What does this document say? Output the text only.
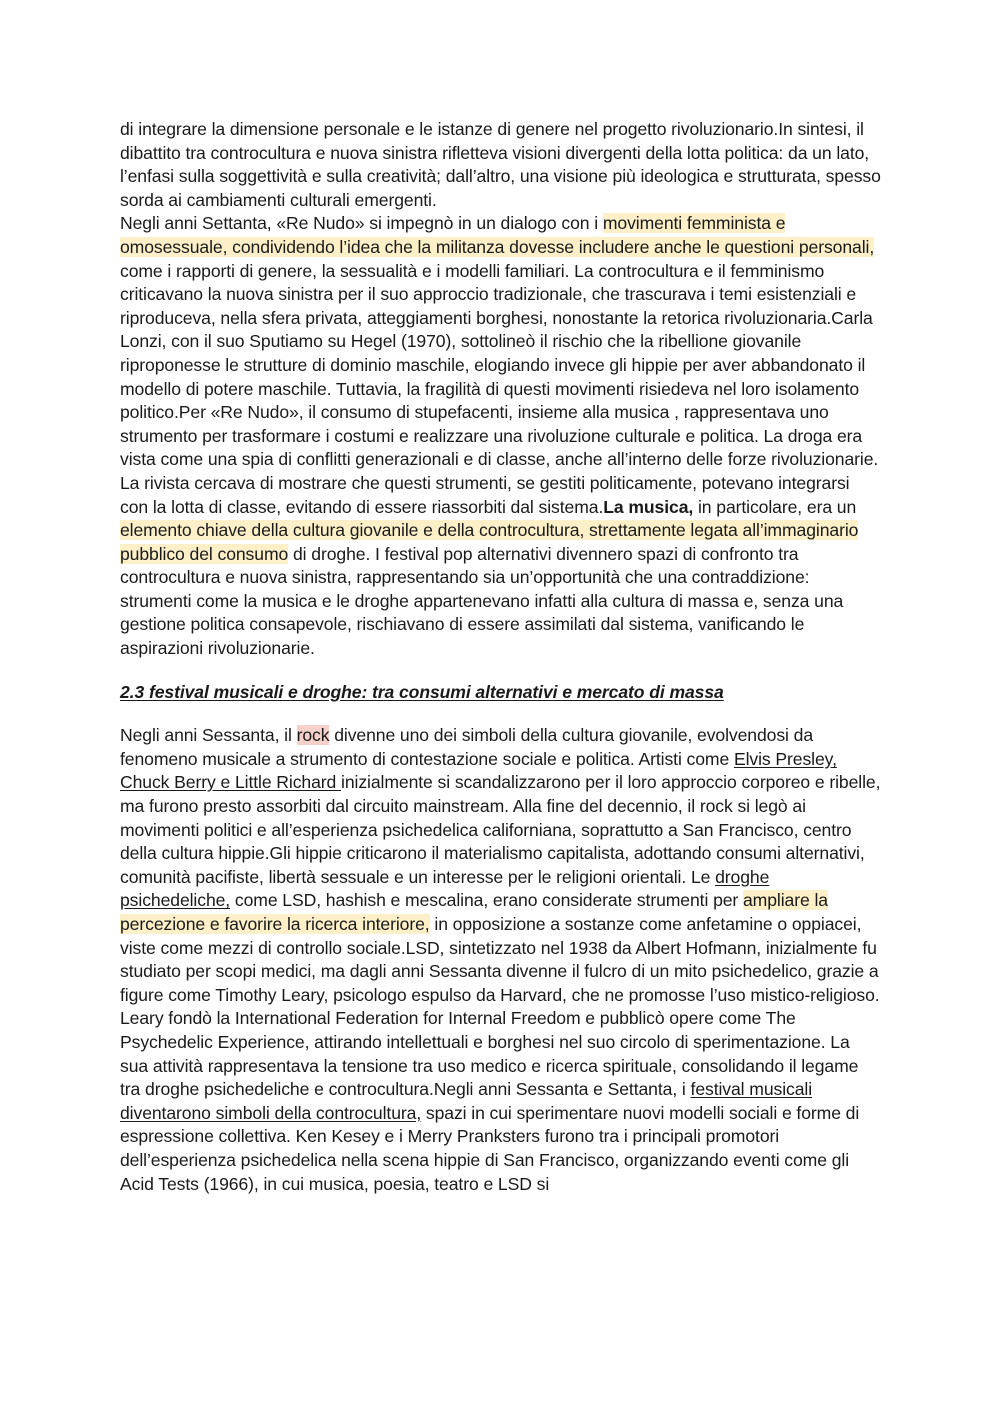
di integrare la dimensione personale e le istanze di genere nel progetto rivoluzionario.In sintesi, il dibattito tra controcultura e nuova sinistra rifletteva visioni divergenti della lotta politica: da un lato, l’enfasi sulla soggettività e sulla creatività; dall’altro, una visione più ideologica e strutturata, spesso sorda ai cambiamenti culturali emergenti.

Negli anni Settanta, «Re Nudo» si impegnò in un dialogo con i movimenti femminista e omosessuale, condividendo l’idea che la militanza dovesse includere anche le questioni personali, come i rapporti di genere, la sessualità e i modelli familiari. La controcultura e il femminismo criticavano la nuova sinistra per il suo approccio tradizionale, che trascurava i temi esistenziali e riproduceva, nella sfera privata, atteggiamenti borghesi, nonostante la retorica rivoluzionaria.Carla Lonzi, con il suo Sputiamo su Hegel (1970), sottolineò il rischio che la ribellione giovanile riproponesse le strutture di dominio maschile, elogiando invece gli hippie per aver abbandonato il modello di potere maschile. Tuttavia, la fragilità di questi movimenti risiedeva nel loro isolamento politico.Per «Re Nudo», il consumo di stupefacenti, insieme alla musica , rappresentava uno strumento per trasformare i costumi e realizzare una rivoluzione culturale e politica. La droga era vista come una spia di conflitti generazionali e di classe, anche all’interno delle forze rivoluzionarie. La rivista cercava di mostrare che questi strumenti, se gestiti politicamente, potevano integrarsi con la lotta di classe, evitando di essere riassorbiti dal sistema.La musica, in particolare, era un elemento chiave della cultura giovanile e della controcultura, strettamente legata all’immaginario pubblico del consumo di droghe. I festival pop alternativi divennero spazi di confronto tra controcultura e nuova sinistra, rappresentando sia un’opportunità che una contraddizione: strumenti come la musica e le droghe appartenevano infatti alla cultura di massa e, senza una gestione politica consapevole, rischiavano di essere assimilati dal sistema, vanificando le aspirazioni rivoluzionarie.

2.3 festival musicali e droghe: tra consumi alternativi e mercato di massa

Negli anni Sessanta, il rock divenne uno dei simboli della cultura giovanile, evolvendosi da fenomeno musicale a strumento di contestazione sociale e politica. Artisti come Elvis Presley, Chuck Berry e Little Richard inizialmente si scandalizzarono per il loro approccio corporeo e ribelle, ma furono presto assorbiti dal circuito mainstream. Alla fine del decennio, il rock si legò ai movimenti politici e all’esperienza psichedelica californiana, soprattutto a San Francisco, centro della cultura hippie.Gli hippie criticarono il materialismo capitalista, adottando consumi alternativi, comunità pacifiste, libertà sessuale e un interesse per le religioni orientali. Le droghe psichedeliche, come LSD, hashish e mescalina, erano considerate strumenti per ampliare la percezione e favorire la ricerca interiore, in opposizione a sostanze come anfetamine o oppiacei, viste come mezzi di controllo sociale.LSD, sintetizzato nel 1938 da Albert Hofmann, inizialmente fu studiato per scopi medici, ma dagli anni Sessanta divenne il fulcro di un mito psichedelico, grazie a figure come Timothy Leary, psicologo espulso da Harvard, che ne promosse l’uso mistico-religioso. Leary fondò la International Federation for Internal Freedom e pubblicò opere come The Psychedelic Experience, attirando intellettuali e borghesi nel suo circolo di sperimentazione. La sua attività rappresentava la tensione tra uso medico e ricerca spirituale, consolidando il legame tra droghe psichedeliche e controcultura.Negli anni Sessanta e Settanta, i festival musicali diventarono simboli della controcultura, spazi in cui sperimentare nuovi modelli sociali e forme di espressione collettiva. Ken Kesey e i Merry Pranksters furono tra i principali promotori dell’esperienza psichedelica nella scena hippie di San Francisco, organizzando eventi come gli Acid Tests (1966), in cui musica, poesia, teatro e LSD si
